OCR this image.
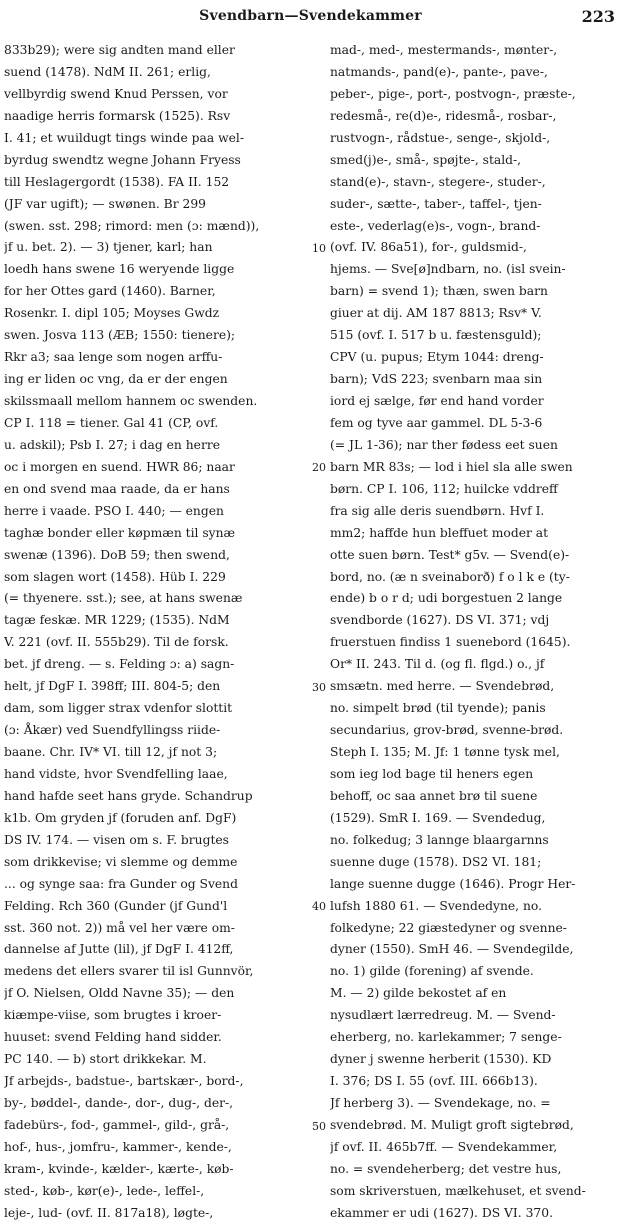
Svendbarn—Svendekammer	223
833b29); were sig andten mand eller
suend (1478). NdM II. 261; erlig,
vellbyrdig swend Knud Perssen, vor
naadige herris formarsk (1525). Rsv
I. 41; et wuildugt tings winde paa wel-
byrdug swendtz wegne Johann Fryess
till Heslagergordt (1538). FA II. 152
(JF var ugift); — swønen. Br 299
(swen. sst. 298; rimord: men (ɔ: mænd)),
jf u. bet. 2). — 3) tjener, karl; han
loedh hans swene 16 weryende ligge
for her Ottes gard (1460). Barner,
Rosenkr. I. dipl 105; Moyses Gwdz
swen. Josva 113 (ÆB; 1550: tienere);
Rkr a3; saa lenge som nogen arffu-
ing er liden oc vng, da er der engen
skilssmaall mellom hannem oc swenden.
CP I. 118 = tiener. Gal 41 (CP, ovf.
u. adskil); Psb I. 27; i dag en herre
oc i morgen en suend. HWR 86; naar
en ond svend maa raade, da er hans
herre i vaade. PSO I. 440; — engen
taghæ bonder eller køpmæn til synæ
swenæ (1396). DoB 59; then swend,
som slagen wort (1458). Hüb I. 229
(= thyenere. sst.); see, at hans swenæ
tagæ feskæ. MR 1229; (1535). NdM
V. 221 (ovf. II. 555b29). Til de forsk.
bet. jf dreng. — s. Felding ɔ: a) sagn-
helt, jf DgF I. 398ff; III. 804-5; den
dam, som ligger strax vdenfor slottit
(ɔ: Åkær) ved Suendfyllingss riide-
baane. Chr. IV* VI. till 12, jf not 3;
hand vidste, hvor Svendfelling laae,
hand hafde seet hans gryde. Schandrup
k1b. Om gryden jf (foruden anf. DgF)
DS IV. 174. — visen om s. F. brugtes
som drikkevise; vi slemme og demme
... og synge saa: fra Gunder og Svend
Felding. Rch 360 (Gunder (jf Gund'l
sst. 360 not. 2)) må vel her være om-
dannelse af Jutte (lil), jf DgF I. 412ff,
medens det ellers svarer til isl Gunnvör,
jf O. Nielsen, Oldd Navne 35); — den
kiæmpe-viise, som brugtes i kroer-
huuset: svend Felding hand sidder.
PC 140. — b) stort drikkekar. M.
Jf arbejds-, badstue-, bartskær-, bord-,
by-, bøddel-, dande-, dor-, dug-, der-,
fadebürs-, fod-, gammel-, gild-, grå-,
hof-, hus-, jomfru-, kammer-, kende-,
kram-, kvinde-, kælder-, kærte-, køb-
sted-, køb-, kør(e)-, lede-, leffel-,
leje-, lud- (ovf. II. 817a18), løgte-,
10
20
30
40
50
mad-, med-, mestermands-, mønter-,
natmands-, pand(e)-, pante-, pave-,
peber-, pige-, port-, postvogn-, præste-,
redesmå-, re(d)e-, ridesmå-, rosbar-,
rustvogn-, rådstue-, senge-, skjold-,
smed(j)e-, små-, spøjte-, stald-,
stand(e)-, stavn-, stegere-, studer-,
suder-, sætte-, taber-, taffel-, tjen-
este-, vederlag(e)s-, vogn-, brand-
(ovf. IV. 86a51), for-, guldsmid-,
hjems. — Sve[ø]ndbarn, no. (isl svein-
barn) = svend 1); thæn, swen barn
giuer at dij. AM 187 8813; Rsv* V.
515 (ovf. I. 517 b u. fæstensguld);
CPV (u. pupus; Etym 1044: dreng-
barn); VdS 223; svenbarn maa sin
iord ej sælge, før end hand vorder
fem og tyve aar gammel. DL 5-3-6
(= JL 1-36); nar ther fødess eet suen
barn MR 83s; — lod i hiel sla alle swen
børn. CP I. 106, 112; huilcke vddreff
fra sig alle deris suendbørn. Hvf I.
mm2; haffde hun bleffuet moder at
otte suen børn. Test* g5v. — Svend(e)-
bord, no. (æ n sveinaborð) f o l k e (ty-
ende) b o r d; udi borgestuen 2 lange
svendborde (1627). DS VI. 371; vdj
fruerstuen findiss 1 suenebord (1645).
Or* II. 243. Til d. (og fl. flgd.) o., jf
smsætn. med herre. — Svendebrød,
no. simpelt brød (til tyende); panis
secundarius, grov-brød, svenne-brød.
Steph I. 135; M. Jf: 1 tønne tysk mel,
som ieg lod bage til heners egen
behoff, oc saa annet brø til suene
(1529). SmR I. 169. — Svendedug,
no. folkedug; 3 lannge blaargarnns
suenne duge (1578). DS2 VI. 181;
lange suenne dugge (1646). Progr Her-
lufsh 1880 61. — Svendedyne, no.
folkedyne; 22 giæstedyner og svenne-
dyner (1550). SmH 46. — Svendegilde,
no. 1) gilde (forening) af svende.
M. — 2) gilde bekostet af en
nysudlært lærredreug. M. — Svend-
eherberg, no. karlekammer; 7 senge-
dyner j swenne herberit (1530). KD
I. 376; DS I. 55 (ovf. III. 666b13).
Jf herberg 3). — Svendekage, no. =
svendebrød. M. Muligt groft sigtebrød,
jf ovf. II. 465b7ff. — Svendekammer,
no. = svendeherberg; det vestre hus,
som skriverstuen, mælkehuset, et svend-
ekammer er udi (1627). DS VI. 370.
